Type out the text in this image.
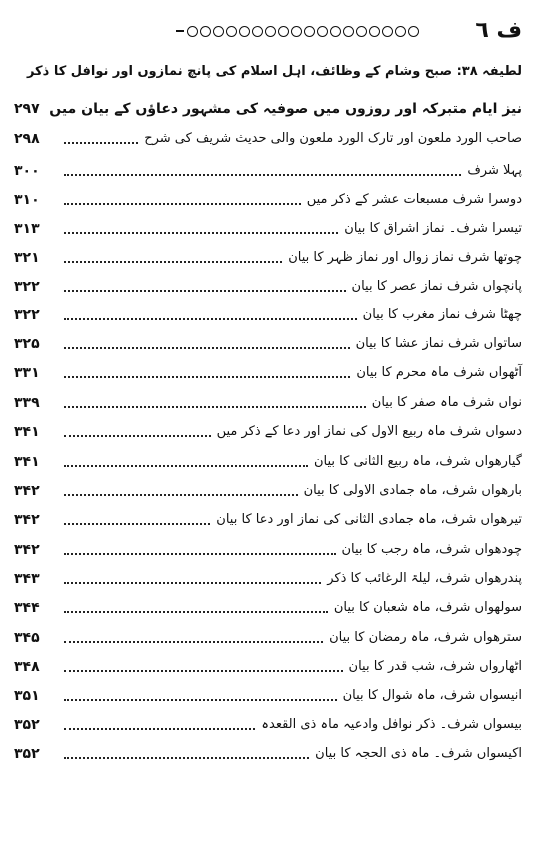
ف ٦
لطیفہ ۳۸: صبح وشام کے وظائف، اہل اسلام کی پانچ نمازوں اور نوافل کا ذکر
نیز ایام متبرکہ اور روزوں میں صوفیہ کی مشہور دعاؤں کے بیان میں
۲۹۷
صاحب الورد ملعون اور تارک الورد ملعون والی حدیث شریف کی شرح
۲۹۸
پہلا شرف
۳۰۰
دوسرا شرف مسبعات عشر کے ذکر میں
۳۱۰
تیسرا شرف۔ نماز اشراق کا بیان
۳۱۳
چوتھا شرف نماز زوال اور نماز ظہر کا بیان
۳۲۱
پانچواں شرف نماز عصر کا بیان
۳۲۲
چھٹا شرف نماز مغرب کا بیان
۳۲۲
ساتواں شرف نماز عشا کا بیان
۳۲۵
آٹھواں شرف ماہ محرم کا بیان
۳۳۱
نواں شرف ماہ صفر کا بیان
۳۳۹
دسواں شرف ماہ ربیع الاول کی نماز اور دعا کے ذکر میں
۳۴۱
گیارھواں شرف، ماہ ربیع الثانی کا بیان
۳۴۱
بارھواں شرف، ماہ جمادی الاولی کا بیان
۳۴۲
تیرھواں شرف، ماہ جمادی الثانی کی نماز اور دعا کا بیان
۳۴۲
چودھواں شرف، ماہ رجب کا بیان
۳۴۲
پندرھواں شرف، لیلۃ الرغائب کا ذکر
۳۴۳
سولھواں شرف، ماہ شعبان کا بیان
۳۴۴
سترھواں شرف، ماہ رمضان کا بیان
۳۴۵
اٹھارواں شرف، شب قدر کا بیان
۳۴۸
انیسواں شرف، ماہ شوال کا بیان
۳۵۱
بیسواں شرف۔ ذکر نوافل وادعیہ ماہ ذی القعدہ
۳۵۲
اکیسواں شرف۔ ماہ ذی الحجہ کا بیان
۳۵۲
